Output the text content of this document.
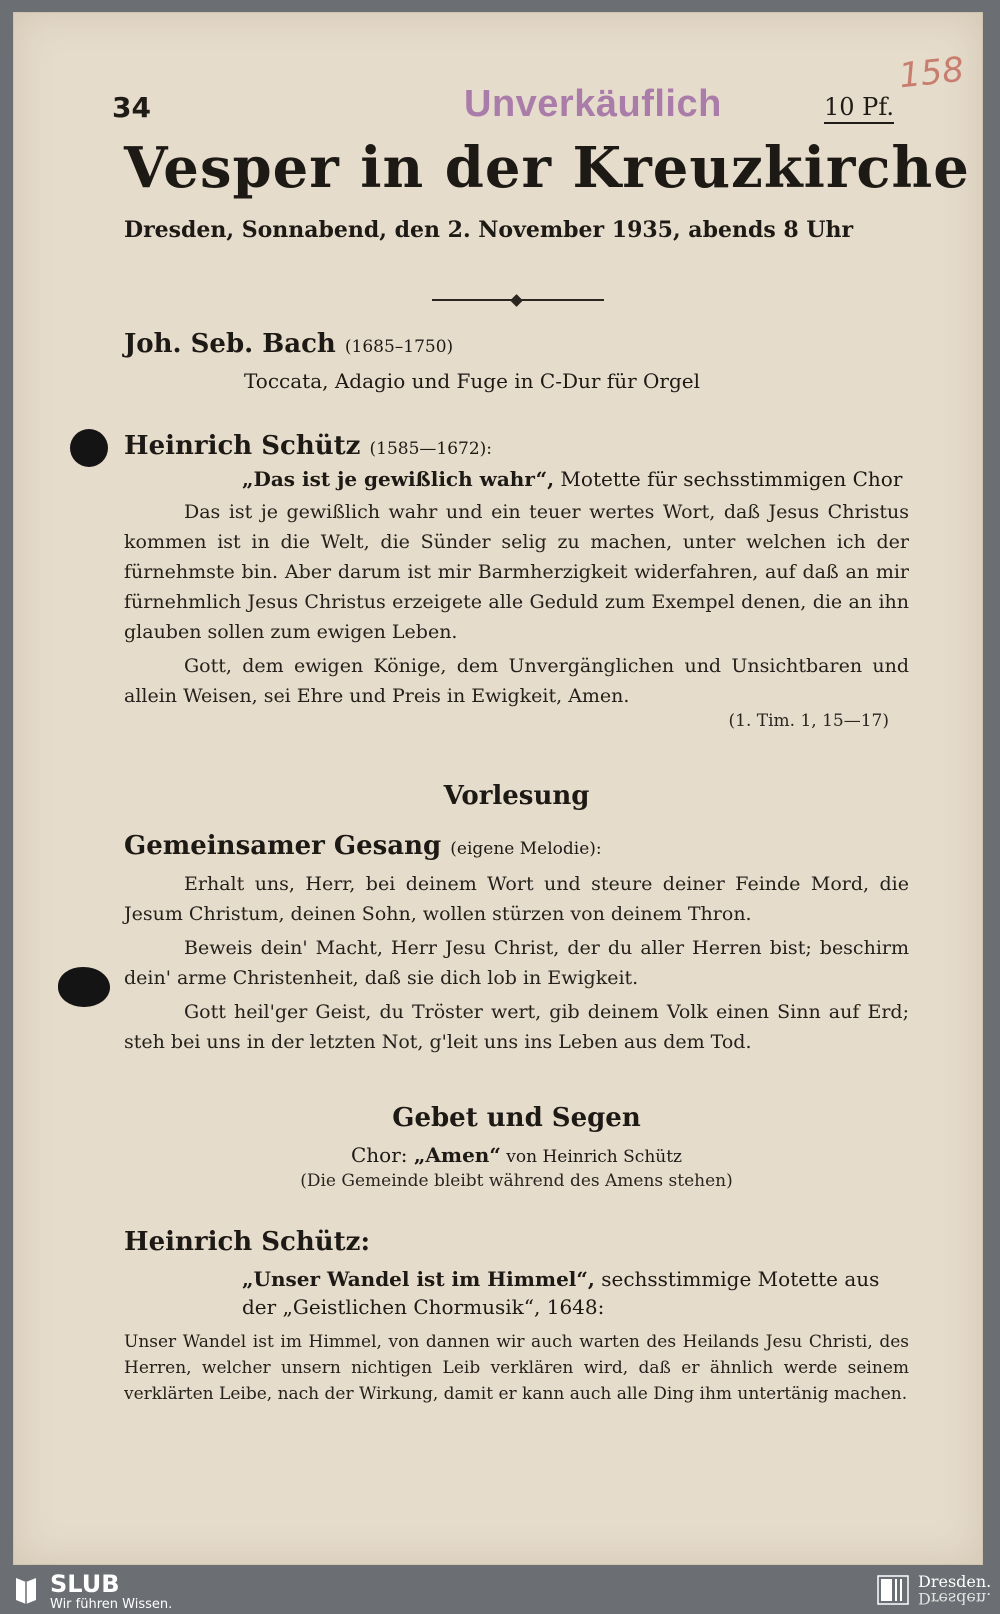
34	Unverkäuflich	10 Pf.
158
Vesper in der Kreuzkirche
Dresden, Sonnabend, den 2. November 1935, abends 8 Uhr
Joh. Seb. Bach (1685–1750)
Toccata, Adagio und Fuge in C-Dur für Orgel
Heinrich Schütz (1585—1672):
„Das ist je gewißlich wahr“, Motette für sechsstimmigen Chor

Das ist je gewißlich wahr und ein teuer wertes Wort, daß Jesus Christus kommen ist in die Welt, die Sünder selig zu machen, unter welchen ich der fürnehmste bin. Aber darum ist mir Barmherzigkeit widerfahren, auf daß an mir fürnehmlich Jesus Christus erzeigete alle Geduld zum Exempel denen, die an ihn glauben sollen zum ewigen Leben.

Gott, dem ewigen Könige, dem Unvergänglichen und Unsichtbaren und allein Weisen, sei Ehre und Preis in Ewigkeit, Amen.

(1. Tim. 1, 15—17)
Vorlesung
Gemeinsamer Gesang (eigene Melodie):

Erhalt uns, Herr, bei deinem Wort und steure deiner Feinde Mord, die Jesum Christum, deinen Sohn, wollen stürzen von deinem Thron.

Beweis dein' Macht, Herr Jesu Christ, der du aller Herren bist; beschirm dein' arme Christenheit, daß sie dich lob in Ewigkeit.

Gott heil'ger Geist, du Tröster wert, gib deinem Volk einen Sinn auf Erd; steh bei uns in der letzten Not, g'leit uns ins Leben aus dem Tod.

Gebet und Segen
Chor: „Amen“ von Heinrich Schütz
(Die Gemeinde bleibt während des Amens stehen)
Heinrich Schütz:
„Unser Wandel ist im Himmel“, sechsstimmige Motette aus der „Geistlichen Chormusik“, 1648:

Unser Wandel ist im Himmel, von dannen wir auch warten des Heilands Jesu Christi, des Herren, welcher unsern nichtigen Leib verklären wird, daß er ähnlich werde seinem verklärten Leibe, nach der Wirkung, damit er kann auch alle Ding ihm untertänig machen.

SLUB
Wir führen Wissen.
Dresden.
Dresden.
